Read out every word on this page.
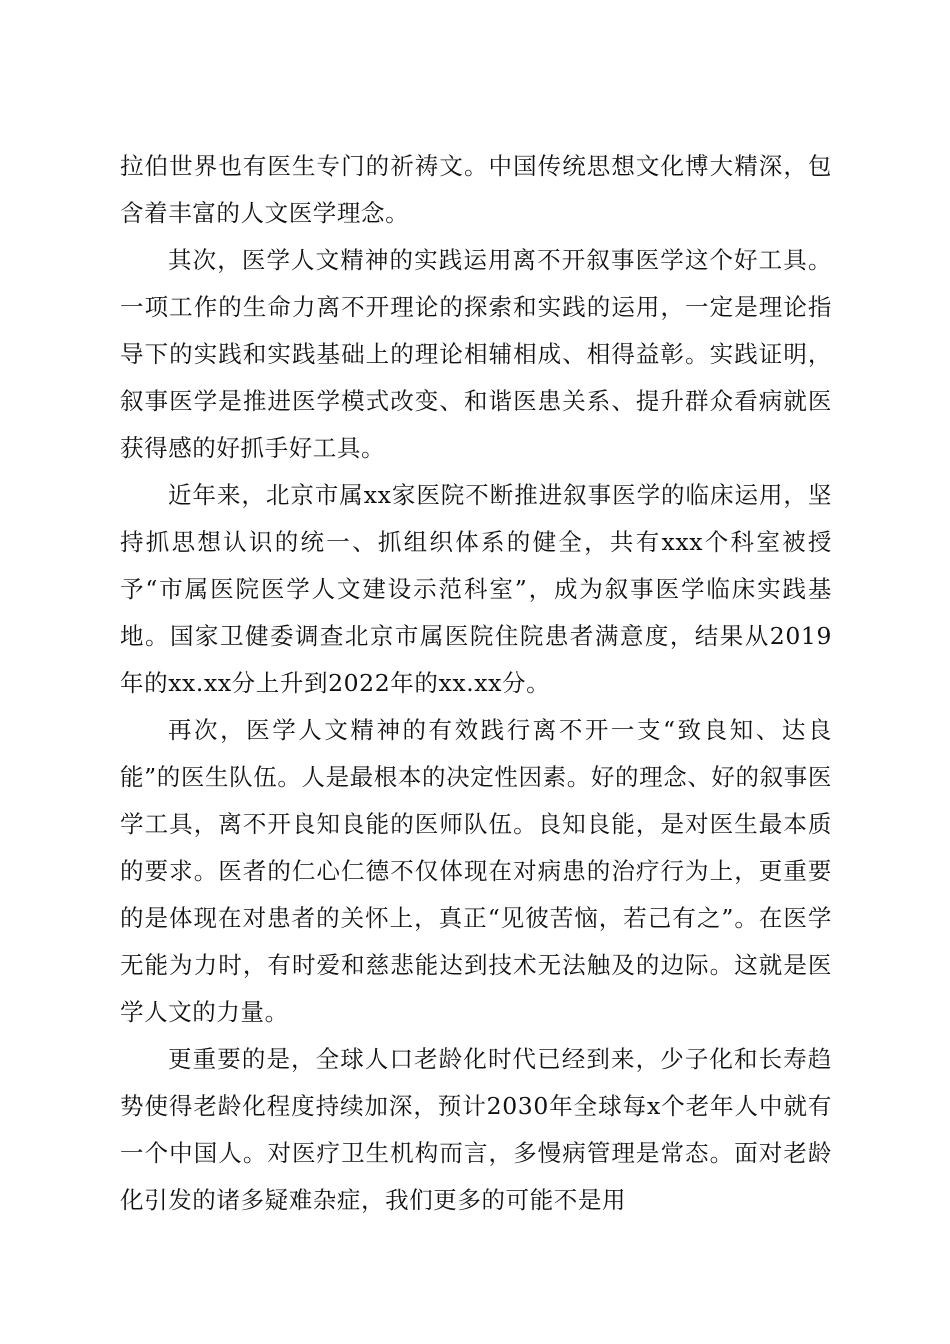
拉伯世界也有医生专门的祈祷文。中国传统思想文化博大精深，包含着丰富的人文医学理念。

其次，医学人文精神的实践运用离不开叙事医学这个好工具。一项工作的生命力离不开理论的探索和实践的运用，一定是理论指导下的实践和实践基础上的理论相辅相成、相得益彰。实践证明，叙事医学是推进医学模式改变、和谐医患关系、提升群众看病就医获得感的好抓手好工具。

近年来，北京市属xx家医院不断推进叙事医学的临床运用，坚持抓思想认识的统一、抓组织体系的健全，共有xxx个科室被授予“市属医院医学人文建设示范科室”，成为叙事医学临床实践基地。国家卫健委调查北京市属医院住院患者满意度，结果从2019年的xx.xx分上升到2022年的xx.xx分。

再次，医学人文精神的有效践行离不开一支“致良知、达良能”的医生队伍。人是最根本的决定性因素。好的理念、好的叙事医学工具，离不开良知良能的医师队伍。良知良能，是对医生最本质的要求。医者的仁心仁德不仅体现在对病患的治疗行为上，更重要的是体现在对患者的关怀上，真正“见彼苦恼，若己有之”。在医学无能为力时，有时爱和慈悲能达到技术无法触及的边际。这就是医学人文的力量。

更重要的是，全球人口老龄化时代已经到来，少子化和长寿趋势使得老龄化程度持续加深，预计2030年全球每x个老年人中就有一个中国人。对医疗卫生机构而言，多慢病管理是常态。面对老龄化引发的诸多疑难杂症，我们更多的可能不是用
